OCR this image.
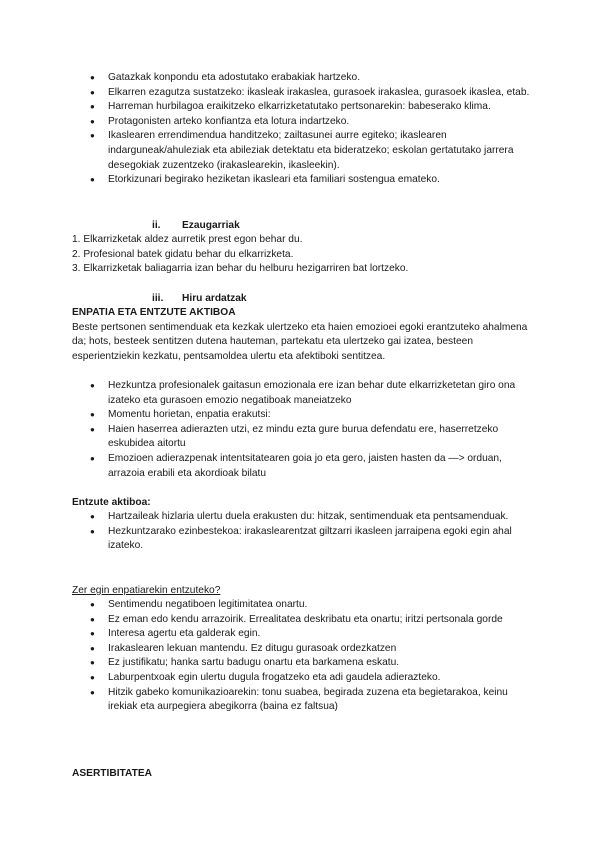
● Gatazkak konpondu eta adostutako erabakiak hartzeko.
● Elkarren ezagutza sustatzeko: ikasleak irakaslea, gurasoek irakaslea, gurasoek ikaslea, etab.
● Harreman hurbilagoa eraikitzeko elkarrizketatutako pertsonarekin: babeserako klima.
● Protagonisten arteko konfiantza eta lotura indartzeko.
● Ikaslearen errendimendua handitzeko; zailtasunei aurre egiteko; ikaslearen indarguneak/ahuleziak eta abileziak detektatu eta bideratzeko; eskolan gertatutako jarrera desegokiak zuzentzeko (irakaslearekin, ikasleekin).
● Etorkizunari begirako heziketan ikasleari eta familiari sostengua emateko.
ii. Ezaugarriak
1. Elkarrizketak aldez aurretik prest egon behar du.
2. Profesional batek gidatu behar du elkarrizketa.
3. Elkarrizketak baliagarria izan behar du helburu hezigarriren bat lortzeko.
iii. Hiru ardatzak
ENPATIA ETA ENTZUTE AKTIBOA
Beste pertsonen sentimenduak eta kezkak ulertzeko eta haien emozioei egoki erantzuteko ahalmena da; hots, besteek sentitzen dutena hauteman, partekatu eta ulertzeko gai izatea, besteen esperientziekin kezkatu, pentsamoldea ulertu eta afektiboki sentitzea.
● Hezkuntza profesionalek gaitasun emozionala ere izan behar dute elkarrizketetan giro ona izateko eta gurasoen emozio negatiboak maneiatzeko
● Momentu horietan, enpatia erakutsi:
● Haien haserrea adierazten utzi, ez mindu ezta gure burua defendatu ere, haserretzeko eskubidea aitortu
● Emozioen adierazpenak intentsitatearen goia jo eta gero, jaisten hasten da —> orduan, arrazoia erabili eta akordioak bilatu
Entzute aktiboa:
● Hartzaileak hizlaria ulertu duela erakusten du: hitzak, sentimenduak eta pentsamenduak.
● Hezkuntzarako ezinbestekoa: irakaslearentzat giltzarri ikasleen jarraipena egoki egin ahal izateko.
Zer egin enpatiarekin entzuteko?
● Sentimendu negatiboen legitimitatea onartu.
● Ez eman edo kendu arrazoirik. Errealitatea deskribatu eta onartu; iritzi pertsonala gorde
● Interesa agertu eta galderak egin.
● Irakaslearen lekuan mantendu. Ez ditugu gurasoak ordezkatzen
● Ez justifikatu; hanka sartu badugu onartu eta barkamena eskatu.
● Laburpentxoak egin ulertu dugula frogatzeko eta adi gaudela adierazteko.
● Hitzik gabeko komunikazioarekin: tonu suabea, begirada zuzena eta begietarakoa, keinu irekiak eta aurpegiera abegikorra (baina ez faltsua)
ASERTIBITATEA
